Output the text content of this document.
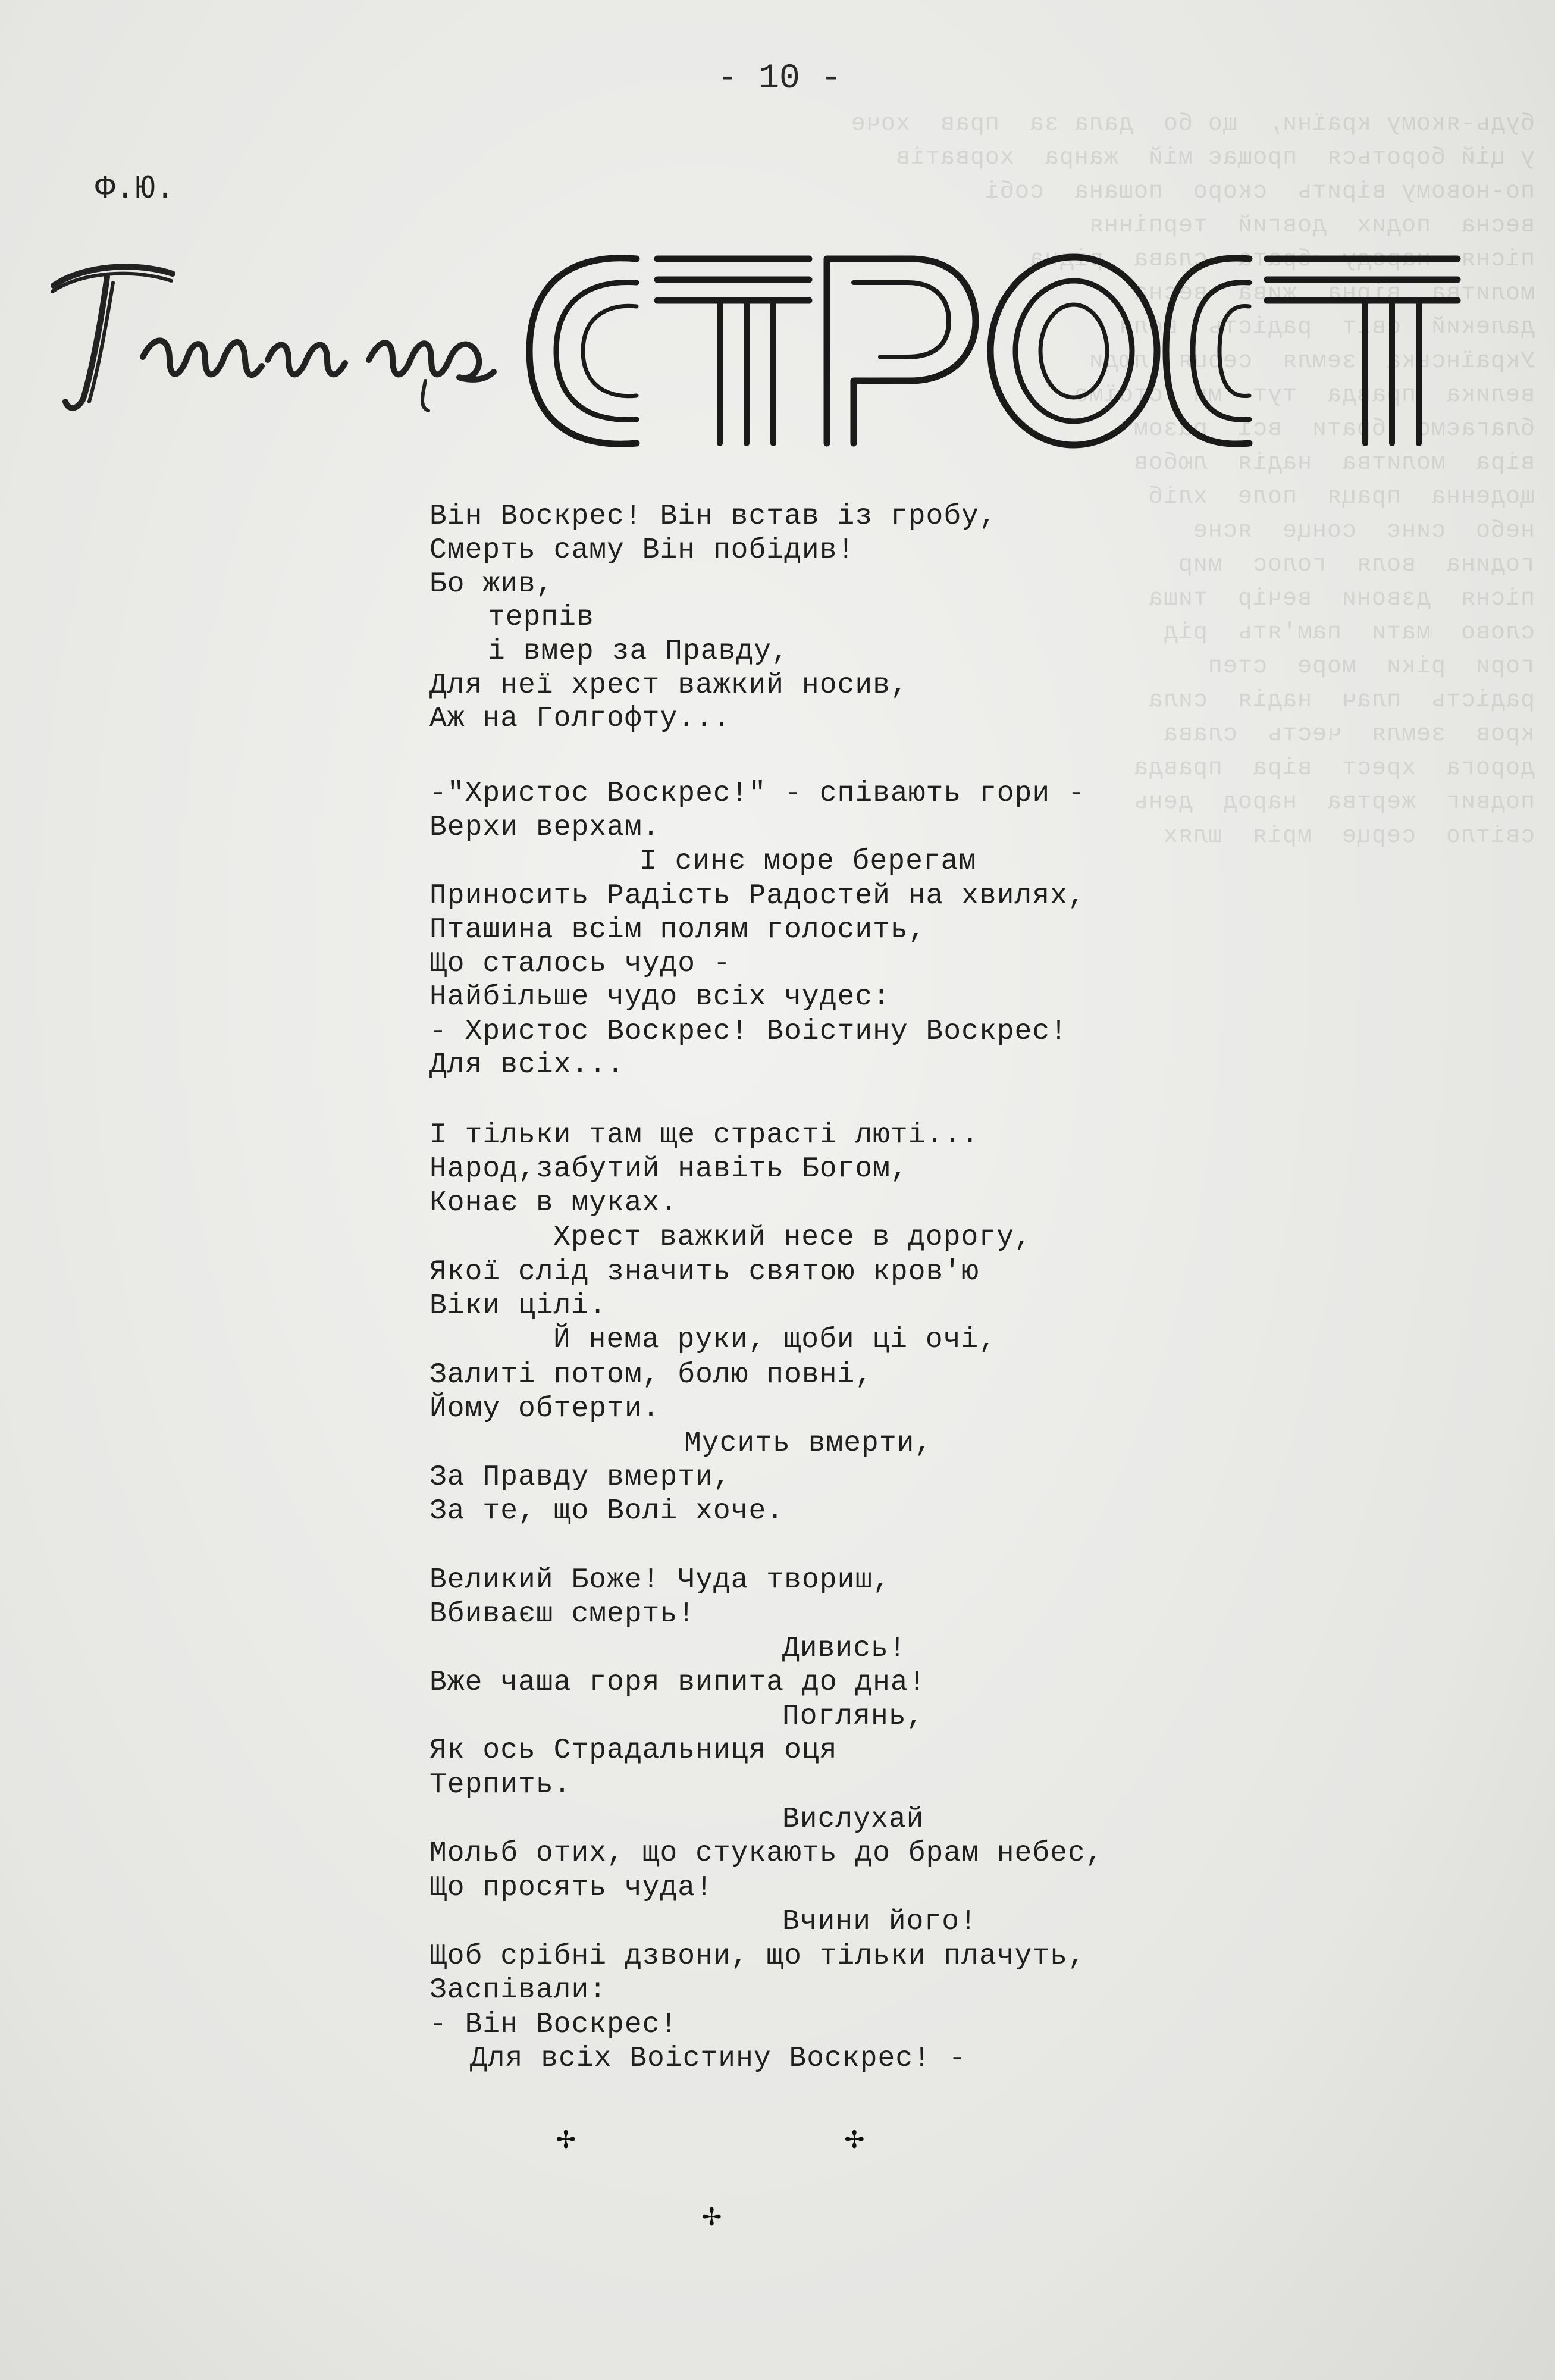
будь-якому країни,  що бо  дала за  прав  хоче
у цій бороться  прощає мій  жанра  хорватів
по-новому вірить  скоро  пошана  собі
весна  подих  довгий  терпіння
пісня  народу  брата  слава  рідна
молитва  вірна  жива  весна
далекий  світ  радість  воля
Українська  земля  серця  люди
велика  правда  тут  ми  стоїмо
благаємо  брати  всі  разом
віра  молитва  надія  любов
щоденна  праця  поле  хліб
небо  синє  сонце  ясне
година  воля  голос  мир
пісня  дзвони  вечір  тиша
слово  мати  пам'ять  рід
гори  ріки  море  степ
радість  плач  надія  сила
кров  земля  честь  слава
дорога  хрест  віра  правда
подвиг  жертва  народ  день
світло  серце  мрія  шлях
- 10 -
Ф.Ю.
Він Воскрес! Він встав із гробу,
Смерть саму Він побідив!
Бо жив,
терпів
і вмер за Правду,
Для неї хрест важкий носив,
Аж на Голгофту...
-"Христос Воскрес!" - співають гори -
Верхи верхам.
І синє море берегам
Приносить Радість Радостей на хвилях,
Пташина всім полям голосить,
Що сталось чудо -
Найбільше чудо всіх чудес:
- Христос Воскрес! Воістину Воскрес!
Для всіх...
І тільки там ще страсті люті...
Народ,забутий навіть Богом,
Конає в муках.
Хрест важкий несе в дорогу,
Якої слід значить святою кров'ю
Віки цілі.
Й нема руки, щоби ці очі,
Залиті потом, болю повні,
Йому обтерти.
Мусить вмерти,
За Правду вмерти,
За те, що Волі хоче.
Великий Боже! Чуда твориш,
Вбиваєш смерть!
Дивись!
Вже чаша горя випита до дна!
Поглянь,
Як ось Страдальниця оця
Терпить.
Вислухай
Мольб отих, що стукають до брам небес,
Що просять чуда!
Вчини його!
Щоб срібні дзвони, що тільки плачуть,
Заспівали:
- Він Воскрес!
Для всіх Воістину Воскрес! -
✢	✢
✢
